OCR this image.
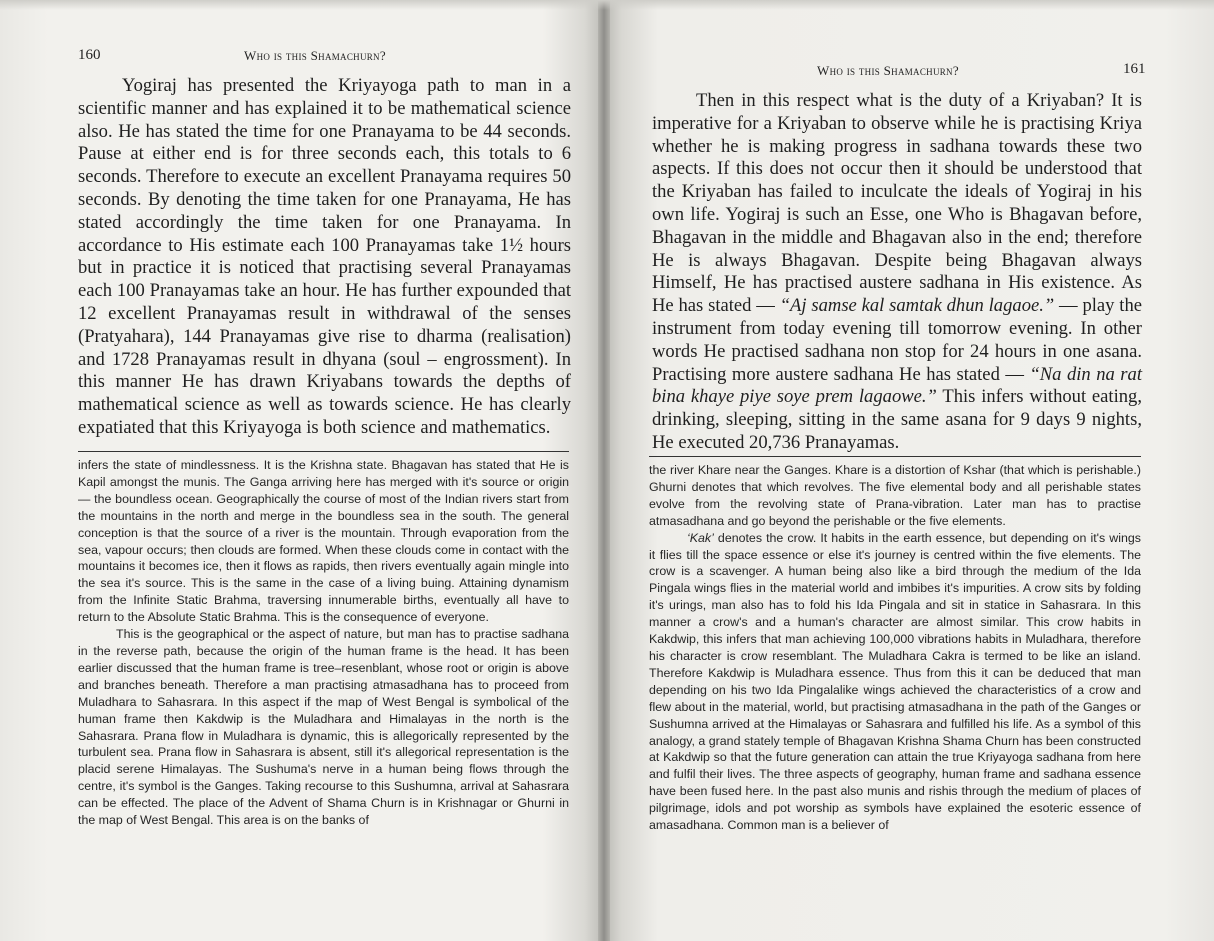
160	Who is this Shamachurn?

Yogiraj has presented the Kriyayoga path to man in a scientific manner and has explained it to be mathematical science also. He has stated the time for one Pranayama to be 44 seconds. Pause at either end is for three seconds each, this totals to 6 seconds. Therefore to execute an excellent Pranayama requires 50 seconds. By denoting the time taken for one Pranayama, He has stated accordingly the time taken for one Pranayama. In accordance to His estimate each 100 Pranayamas take 1½ hours but in practice it is noticed that practising several Pranayamas each 100 Pranayamas take an hour. He has further expounded that 12 excellent Pranayamas result in withdrawal of the senses (Pratyahara), 144 Pranayamas give rise to dharma (realisation) and 1728 Pranayamas result in dhyana (soul – engrossment). In this manner He has drawn Kriyabans towards the depths of mathematical science as well as towards science. He has clearly expatiated that this Kriyayoga is both science and mathematics.

infers the state of mindlessness. It is the Krishna state. Bhagavan has stated that He is Kapil amongst the munis. The Ganga arriving here has merged with it's source or origin — the boundless ocean. Geographically the course of most of the Indian rivers start from the mountains in the north and merge in the boundless sea in the south. The general conception is that the source of a river is the mountain. Through evaporation from the sea, vapour occurs; then clouds are formed. When these clouds come in contact with the mountains it becomes ice, then it flows as rapids, then rivers eventually again mingle into the sea it's source. This is the same in the case of a living buing. Attaining dynamism from the Infinite Static Brahma, traversing innumerable births, eventually all have to return to the Absolute Static Brahma. This is the consequence of everyone.

This is the geographical or the aspect of nature, but man has to practise sadhana in the reverse path, because the origin of the human frame is the head. It has been earlier discussed that the human frame is tree–resenblant, whose root or origin is above and branches beneath. Therefore a man practising atmasadhana has to proceed from Muladhara to Sahasrara. In this aspect if the map of West Bengal is symbolical of the human frame then Kakdwip is the Muladhara and Himalayas in the north is the Sahasrara. Prana flow in Muladhara is dynamic, this is allegorically represented by the turbulent sea. Prana flow in Sahasrara is absent, still it's allegorical representation is the placid serene Himalayas. The Sushuma's nerve in a human being flows through the centre, it's symbol is the Ganges. Taking recourse to this Sushumna, arrival at Sahasrara can be effected. The place of the Advent of Shama Churn is in Krishnagar or Ghurni in the map of West Bengal. This area is on the banks of

Who is this Shamachurn?	161

Then in this respect what is the duty of a Kriyaban? It is imperative for a Kriyaban to observe while he is practising Kriya whether he is making progress in sadhana towards these two aspects. If this does not occur then it should be understood that the Kriyaban has failed to inculcate the ideals of Yogiraj in his own life. Yogiraj is such an Esse, one Who is Bhagavan before, Bhagavan in the middle and Bhagavan also in the end; therefore He is always Bhagavan. Despite being Bhagavan always Himself, He has practised austere sadhana in His existence. As He has stated — “Aj samse kal samtak dhun lagaoe.” — play the instrument from today evening till tomorrow evening. In other words He practised sadhana non stop for 24 hours in one asana. Practising more austere sadhana He has stated — “Na din na rat bina khaye piye soye prem lagaowe.” This infers without eating, drinking, sleeping, sitting in the same asana for 9 days 9 nights, He executed 20,736 Pranayamas.

the river Khare near the Ganges. Khare is a distortion of Kshar (that which is perishable.) Ghurni denotes that which revolves. The five elemental body and all perishable states evolve from the revolving state of Prana-vibration. Later man has to practise atmasadhana and go beyond the perishable or the five elements.

‘Kak’ denotes the crow. It habits in the earth essence, but depending on it's wings it flies till the space essence or else it's journey is centred within the five elements. The crow is a scavenger. A human being also like a bird through the medium of the Ida Pingala wings flies in the material world and imbibes it's impurities. A crow sits by folding it's urings, man also has to fold his Ida Pingala and sit in statice in Sahasrara. In this manner a crow's and a human's character are almost similar. This crow habits in Kakdwip, this infers that man achieving 100,000 vibrations habits in Muladhara, therefore his character is crow resemblant. The Muladhara Cakra is termed to be like an island. Therefore Kakdwip is Muladhara essence. Thus from this it can be deduced that man depending on his two Ida Pingalalike wings achieved the characteristics of a crow and flew about in the material, world, but practising atmasadhana in the path of the Ganges or Sushumna arrived at the Himalayas or Sahasrara and fulfilled his life. As a symbol of this analogy, a grand stately temple of Bhagavan Krishna Shama Churn has been constructed at Kakdwip so that the future generation can attain the true Kriyayoga sadhana from here and fulfil their lives. The three aspects of geography, human frame and sadhana essence have been fused here. In the past also munis and rishis through the medium of places of pilgrimage, idols and pot worship as symbols have explained the esoteric essence of amasadhana. Common man is a believer of
